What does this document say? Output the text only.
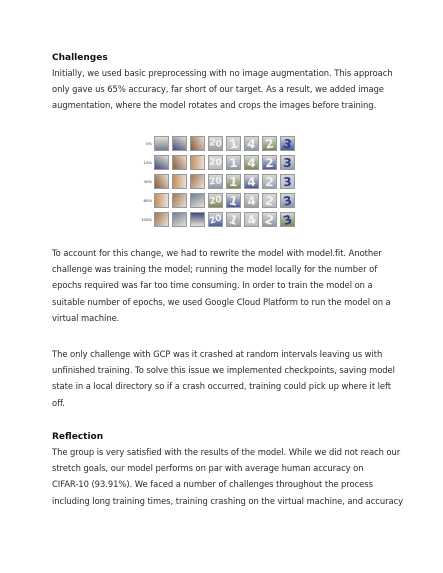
Challenges

Initially, we used basic preprocessing with no image augmentation. This approach
only gave us 65% accuracy, far short of our target. As a result, we added image
augmentation, where the model rotates and crops the images before training.

0%	20 1 4 2 3
10%	20 1 4 2 3
30%	20 1 4 2 3
60%	20 1 4 2 3
100%	20 1 4 2 3

To account for this change, we had to rewrite the model with model.fit. Another
challenge was training the model; running the model locally for the number of
epochs required was far too time consuming. In order to train the model on a
suitable number of epochs, we used Google Cloud Platform to run the model on a
virtual machine.

The only challenge with GCP was it crashed at random intervals leaving us with
unfinished training. To solve this issue we implemented checkpoints, saving model
state in a local directory so if a crash occurred, training could pick up where it left
off.

Reflection

The group is very satisfied with the results of the model. While we did not reach our
stretch goals, our model performs on par with average human accuracy on
CIFAR-10 (93.91%). We faced a number of challenges throughout the process
including long training times, training crashing on the virtual machine, and accuracy
